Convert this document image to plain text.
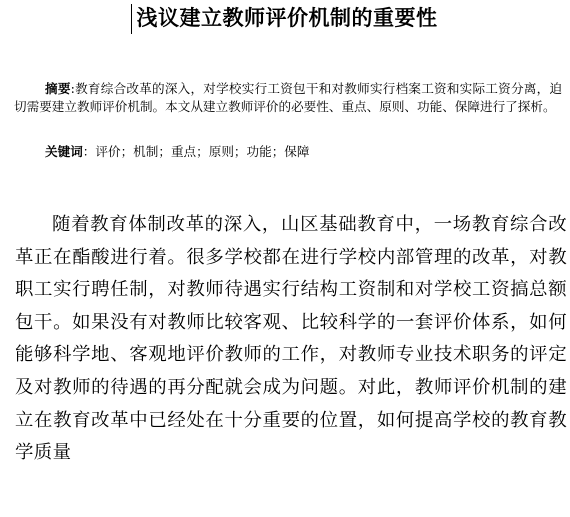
浅议建立教师评价机制的重要性
摘要:教育综合改革的深入，对学校实行工资包干和对教师实行档案工资和实际工资分离，迫切需要建立教师评价机制。本文从建立教师评价的必要性、重点、原则、功能、保障进行了探析。
关键词：评价；机制；重点；原则；功能；保障
随着教育体制改革的深入，山区基础教育中，一场教育综合改革正在酯酸进行着。很多学校都在进行学校内部管理的改革，对教职工实行聘任制，对教师待遇实行结构工资制和对学校工资搞总额包干。如果没有对教师比较客观、比较科学的一套评价体系，如何能够科学地、客观地评价教师的工作，对教师专业技术职务的评定及对教师的待遇的再分配就会成为问题。对此，教师评价机制的建立在教育改革中已经处在十分重要的位置，如何提高学校的教育教学质量
